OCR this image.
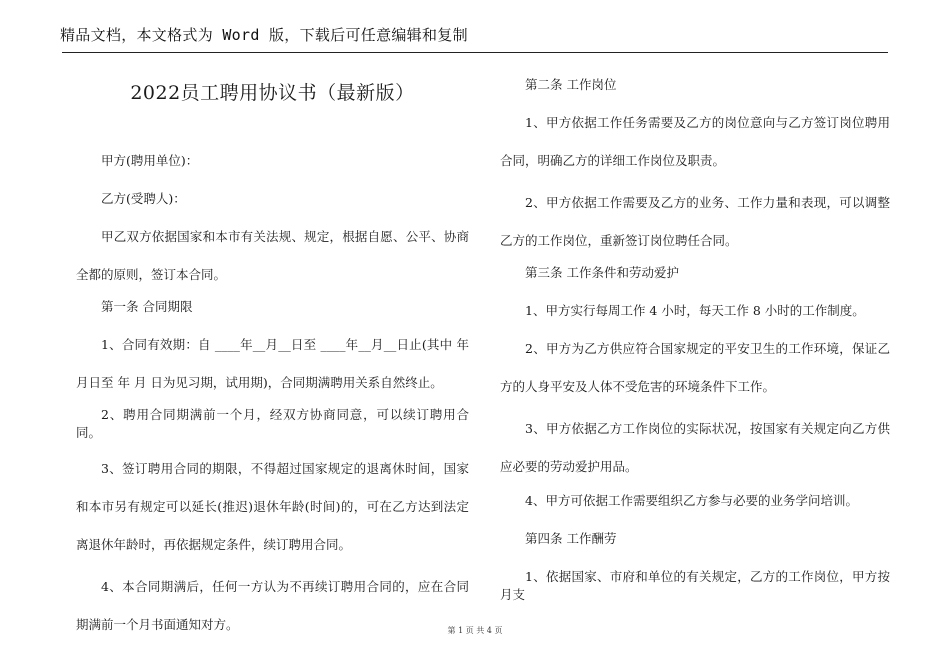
精品文档，本文格式为 Word 版，下载后可任意编辑和复制
2022员工聘用协议书（最新版）

甲方(聘用单位)：

乙方(受聘人)：

甲乙双方依据国家和本市有关法规、规定，根据自愿、公平、协商全都的原则，签订本合同。

第一条 合同期限

1、合同有效期：自 ____年__月__日至 ____年__月__日止(其中 年 月日至 年 月 日为见习期，试用期)，合同期满聘用关系自然终止。

2、聘用合同期满前一个月，经双方协商同意，可以续订聘用合同。

3、签订聘用合同的期限，不得超过国家规定的退离休时间，国家和本市另有规定可以延长(推迟)退休年龄(时间)的，可在乙方达到法定离退休年龄时，再依据规定条件，续订聘用合同。

4、本合同期满后，任何一方认为不再续订聘用合同的，应在合同期满前一个月书面通知对方。

第二条 工作岗位

1、甲方依据工作任务需要及乙方的岗位意向与乙方签订岗位聘用合同，明确乙方的详细工作岗位及职责。

2、甲方依据工作需要及乙方的业务、工作力量和表现，可以调整乙方的工作岗位，重新签订岗位聘任合同。

第三条 工作条件和劳动爱护

1、甲方实行每周工作 4 小时，每天工作 8 小时的工作制度。

2、甲方为乙方供应符合国家规定的平安卫生的工作环境，保证乙方的人身平安及人体不受危害的环境条件下工作。

3、甲方依据乙方工作岗位的实际状况，按国家有关规定向乙方供应必要的劳动爱护用品。

4、甲方可依据工作需要组织乙方参与必要的业务学问培训。

第四条 工作酬劳

1、依据国家、市府和单位的有关规定，乙方的工作岗位，甲方按月支

第 1 页 共 4 页
